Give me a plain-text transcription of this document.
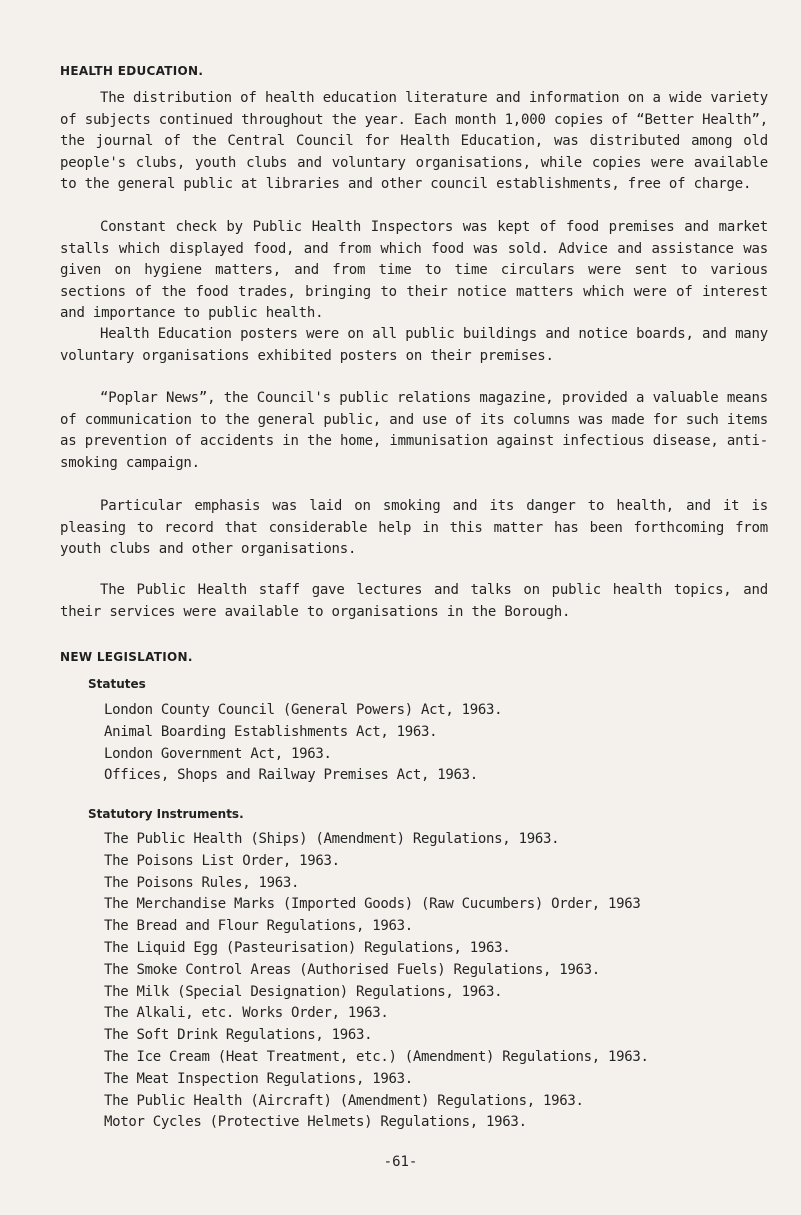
HEALTH EDUCATION.

The distribution of health education literature and information on a wide variety of subjects continued throughout the year. Each month 1,000 copies of “Better Health”, the journal of the Central Council for Health Education, was distributed among old people's clubs, youth clubs and voluntary organisations, while copies were available to the general public at libraries and other council establishments, free of charge.

Constant check by Public Health Inspectors was kept of food premises and market stalls which displayed food, and from which food was sold. Advice and assistance was given on hygiene matters, and from time to time circulars were sent to various sections of the food trades, bringing to their notice matters which were of interest and importance to public health.

Health Education posters were on all public buildings and notice boards, and many voluntary organisations exhibited posters on their premises.

“Poplar News”, the Council's public relations magazine, provided a valuable means of communication to the general public, and use of its columns was made for such items as prevention of accidents in the home, immunisation against infectious disease, anti-smoking campaign.

Particular emphasis was laid on smoking and its danger to health, and it is pleasing to record that considerable help in this matter has been forthcoming from youth clubs and other organisations.

The Public Health staff gave lectures and talks on public health topics, and their services were available to organisations in the Borough.

NEW LEGISLATION.
Statutes
London County Council (General Powers) Act, 1963.
Animal Boarding Establishments Act, 1963.
London Government Act, 1963.
Offices, Shops and Railway Premises Act, 1963.
Statutory Instruments.
The Public Health (Ships) (Amendment) Regulations, 1963.
The Poisons List Order, 1963.
The Poisons Rules, 1963.
The Merchandise Marks (Imported Goods) (Raw Cucumbers) Order, 1963
The Bread and Flour Regulations, 1963.
The Liquid Egg (Pasteurisation) Regulations, 1963.
The Smoke Control Areas (Authorised Fuels) Regulations, 1963.
The Milk (Special Designation) Regulations, 1963.
The Alkali, etc. Works Order, 1963.
The Soft Drink Regulations, 1963.
The Ice Cream (Heat Treatment, etc.) (Amendment) Regulations, 1963.
The Meat Inspection Regulations, 1963.
The Public Health (Aircraft) (Amendment) Regulations, 1963.
Motor Cycles (Protective Helmets) Regulations, 1963.
-61-
